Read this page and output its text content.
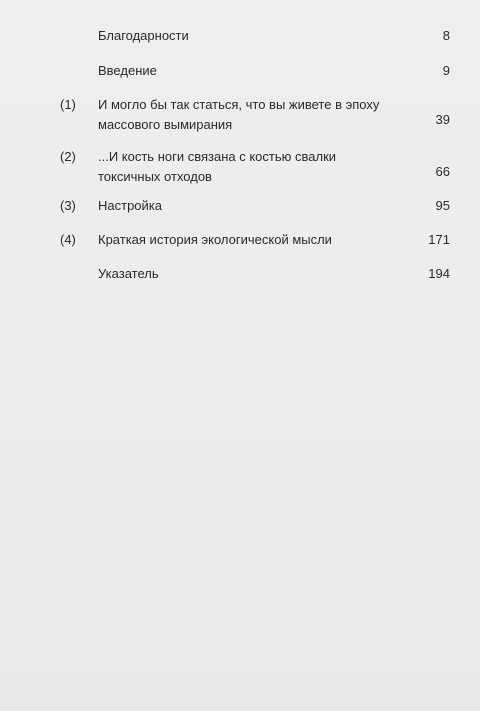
Благодарности	8
Введение	9
(1)	И могло бы так статься, что вы живете в эпоху
массового вымирания	39
(2)	...И кость ноги связана с костью свалки
токсичных отходов	66
(3)	Настройка	95
(4)	Краткая история экологической мысли	171
Указатель	194
